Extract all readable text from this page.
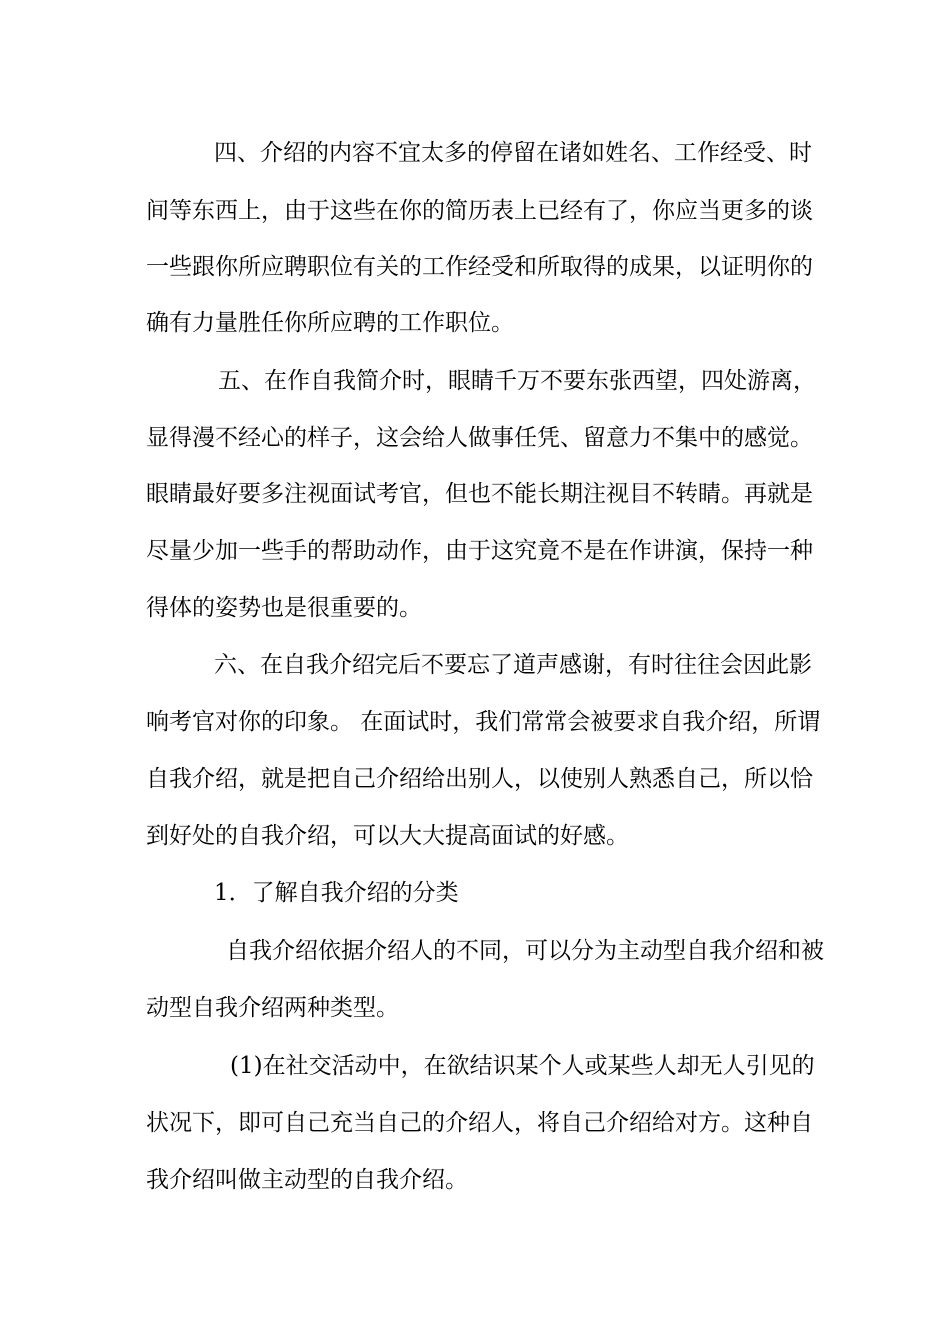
四、介绍的内容不宜太多的停留在诸如姓名、工作经受、时
间等东西上，由于这些在你的简历表上已经有了，你应当更多的谈
一些跟你所应聘职位有关的工作经受和所取得的成果，以证明你的
确有力量胜任你所应聘的工作职位。
五、在作自我简介时，眼睛千万不要东张西望，四处游离，
显得漫不经心的样子，这会给人做事任凭、留意力不集中的感觉。
眼睛最好要多注视面试考官，但也不能长期注视目不转睛。再就是
尽量少加一些手的帮助动作，由于这究竟不是在作讲演，保持一种
得体的姿势也是很重要的。
六、在自我介绍完后不要忘了道声感谢，有时往往会因此影
响考官对你的印象。 在面试时，我们常常会被要求自我介绍，所谓
自我介绍，就是把自己介绍给出别人，以使别人熟悉自己，所以恰
到好处的自我介绍，可以大大提高面试的好感。
1．了解自我介绍的分类
自我介绍依据介绍人的不同，可以分为主动型自我介绍和被
动型自我介绍两种类型。
(1)在社交活动中，在欲结识某个人或某些人却无人引见的
状况下，即可自己充当自己的介绍人，将自己介绍给对方。这种自
我介绍叫做主动型的自我介绍。
